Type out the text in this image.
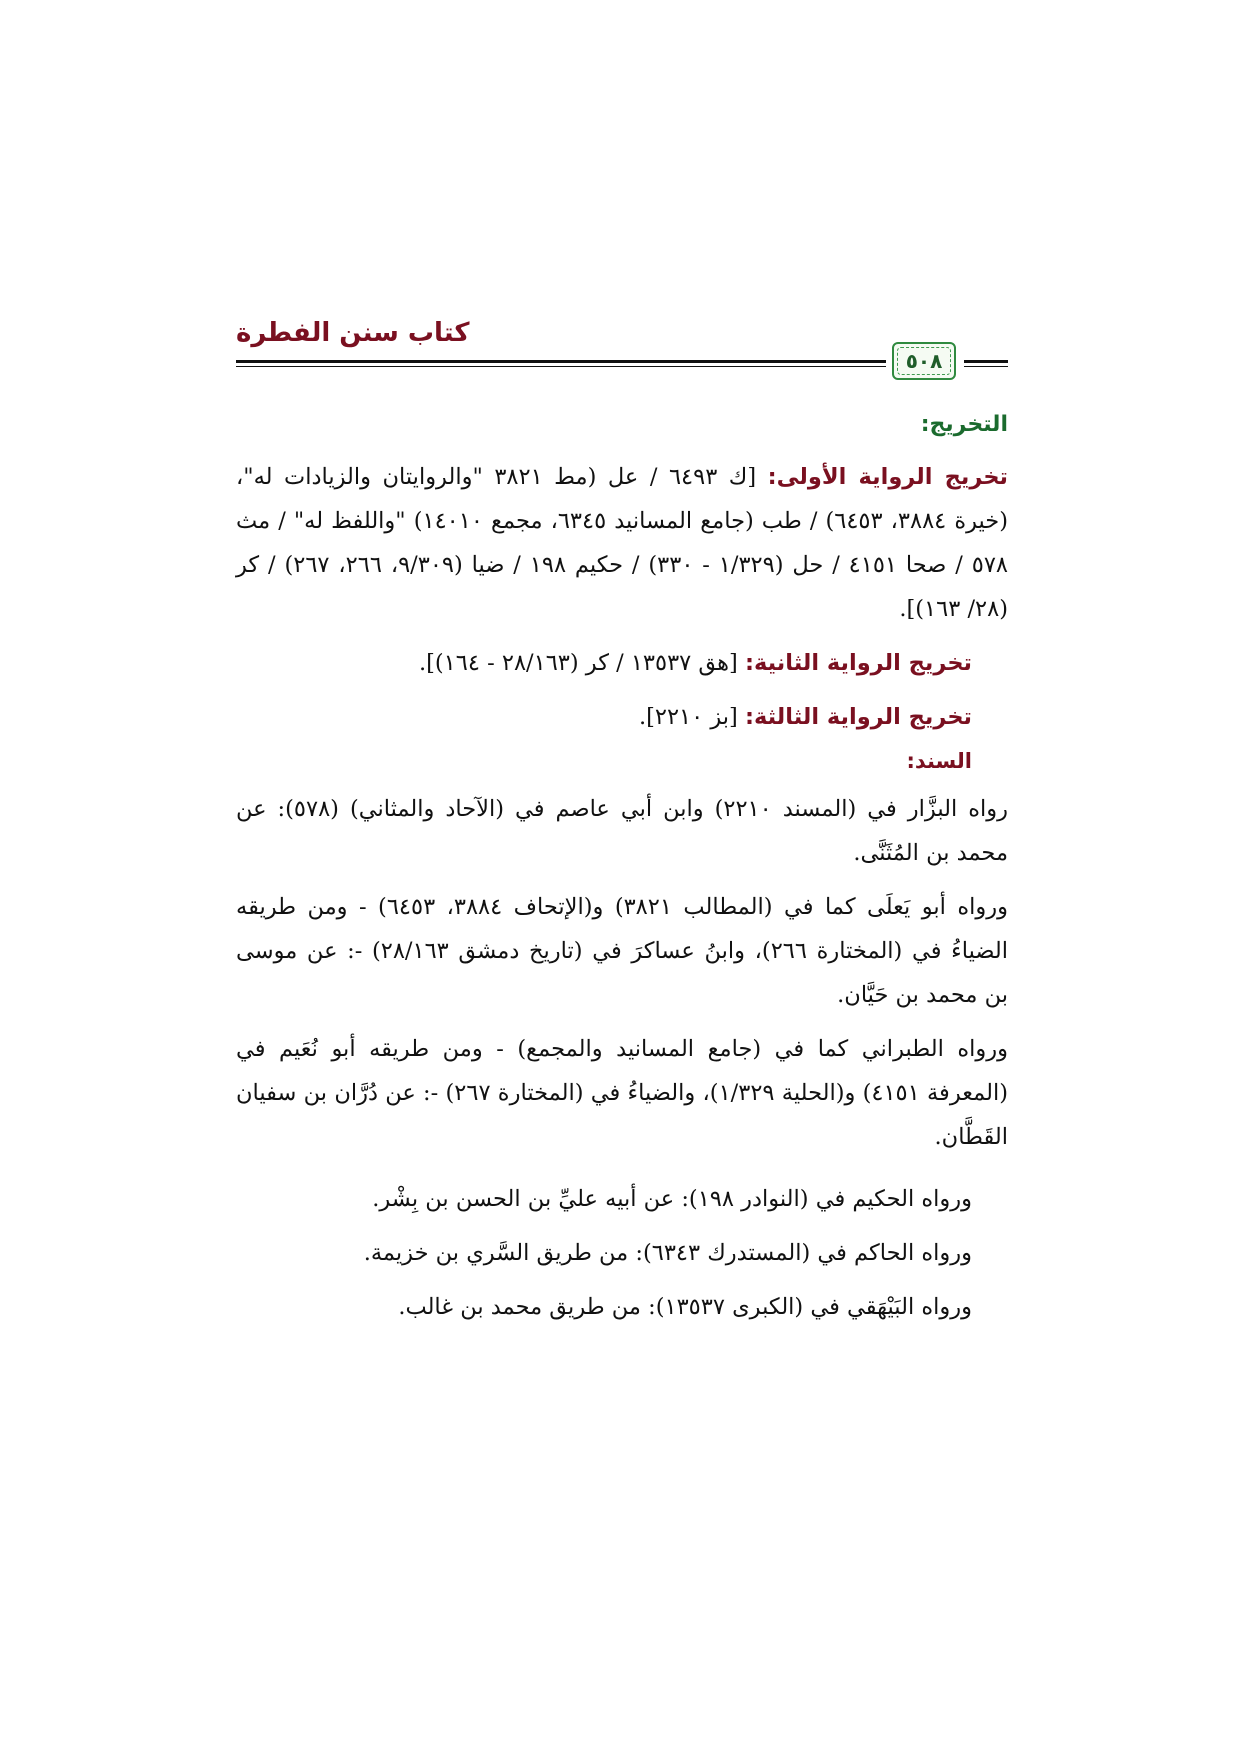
كتاب سنن الفطرة
٥٠٨
التخريج:

تخريج الرواية الأولى: [ك ٦٤٩٣ / عل (مط ٣٨٢١ "والروايتان والزيادات له"، (خيرة ٣٨٨٤، ٦٤٥٣) / طب (جامع المسانيد ٦٣٤٥، مجمع ١٤٠١٠) "واللفظ له" / مث ٥٧٨ / صحا ٤١٥١ / حل (١/٣٢٩ - ٣٣٠) / حكيم ١٩٨ / ضيا (٩/٣٠٩، ٢٦٦، ٢٦٧) / كر (٢٨/ ١٦٣)].

تخريج الرواية الثانية: [هق ١٣٥٣٧ / كر (٢٨/١٦٣ - ١٦٤)].

تخريج الرواية الثالثة: [بز ٢٢١٠].

السند:

رواه البزَّار في (المسند ٢٢١٠) وابن أبي عاصم في (الآحاد والمثاني) (٥٧٨): عن محمد بن المُثَنَّى.

ورواه أبو يَعلَى كما في (المطالب ٣٨٢١) و(الإتحاف ٣٨٨٤، ٦٤٥٣) - ومن طريقه الضياءُ في (المختارة ٢٦٦)، وابنُ عساكرَ في (تاريخ دمشق ٢٨/١٦٣) -: عن موسى بن محمد بن حَيَّان.

ورواه الطبراني كما في (جامع المسانيد والمجمع) - ومن طريقه أبو نُعَيم في (المعرفة ٤١٥١) و(الحلية ١/٣٢٩)، والضياءُ في (المختارة ٢٦٧) -: عن دُرَّان بن سفيان القَطَّان.

ورواه الحكيم في (النوادر ١٩٨): عن أبيه عليِّ بن الحسن بن بِشْر.

ورواه الحاكم في (المستدرك ٦٣٤٣): من طريق السَّري بن خزيمة.

ورواه البَيْهَقي في (الكبرى ١٣٥٣٧): من طريق محمد بن غالب.
